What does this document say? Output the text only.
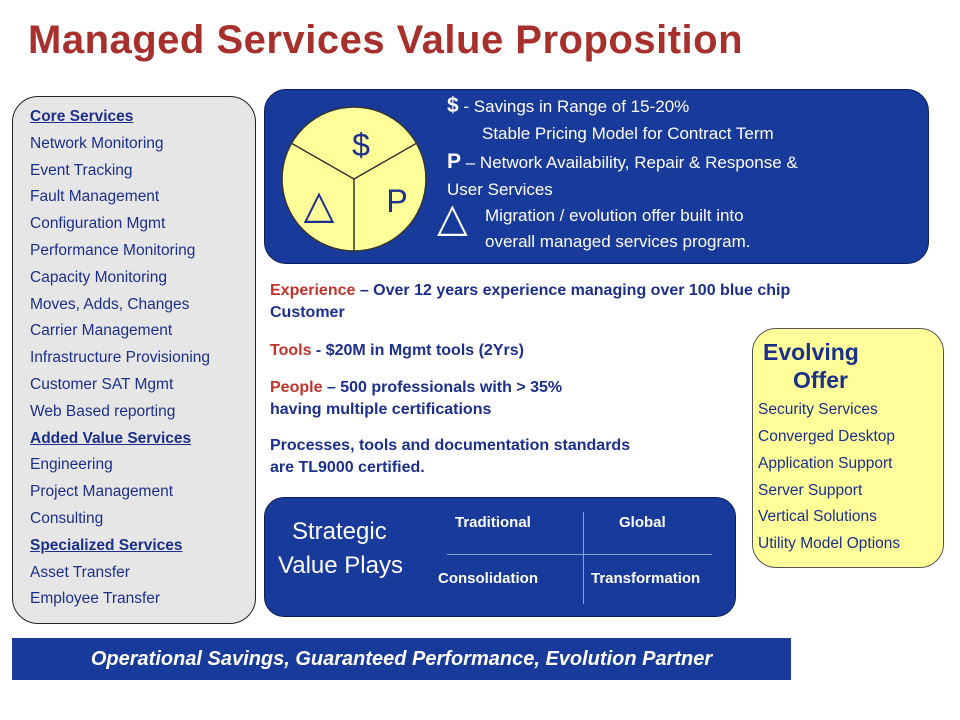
Managed Services Value Proposition
Core Services
Network Monitoring
Event Tracking
Fault Management
Configuration Mgmt
Performance Monitoring
Capacity Monitoring
Moves, Adds, Changes
Carrier Management
Infrastructure Provisioning
Customer SAT Mgmt
Web Based reporting
Added Value Services
Engineering
Project Management
Consulting
Specialized Services
Asset Transfer
Employee Transfer
$
P
△
$ - Savings in Range of 15-20%
Stable Pricing Model for Contract Term
P – Network Availability, Repair & Response &
User Services
△ Migration / evolution offer built into
overall managed services program.
Experience – Over 12 years experience managing over 100 blue chip
Customer
Tools - $20M in Mgmt tools (2Yrs)
People – 500 professionals with > 35%
having multiple certifications
Processes, tools and documentation standards
are TL9000 certified.
Evolving
Offer
Security Services
Converged Desktop
Application Support
Server Support
Vertical Solutions
Utility Model Options
Strategic
Value Plays
Traditional	Global
Consolidation	Transformation
Operational Savings, Guaranteed Performance, Evolution Partner
